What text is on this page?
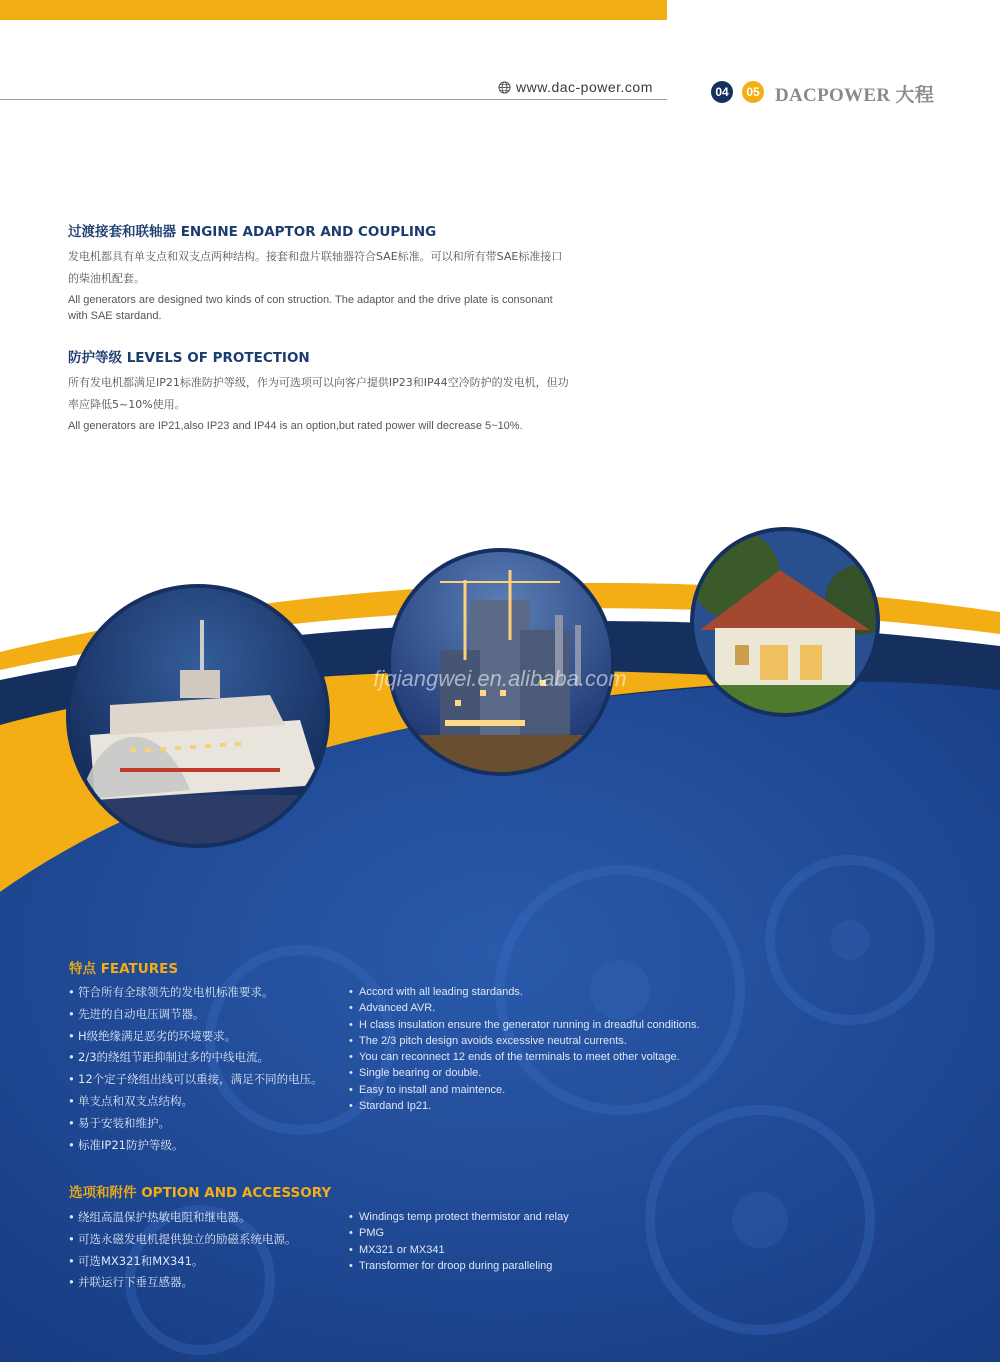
www.dac-power.com	04	05 DACPOWER 大程

过渡接套和联轴器 ENGINE ADAPTOR AND COUPLING

发电机都具有单支点和双支点两种结构。接套和盘片联轴器符合SAE标准。可以和所有带SAE标准接口

的柴油机配套。

All generators are designed two kinds of con struction. The adaptor and the drive plate is consonant

with SAE stardand.

防护等级 LEVELS OF PROTECTION

所有发电机都满足IP21标准防护等级，作为可选项可以向客户提供IP23和IP44空冷防护的发电机，但功

率应降低5~10%使用。

All generators are IP21,also IP23 and IP44 is an option,but rated power will decrease 5~10%.

fjqiangwei.en.alibaba.com

特点 FEATURES

• 符合所有全球领先的发电机标准要求。
• 先进的自动电压调节器。
• H级绝缘满足恶劣的环境要求。
• 2/3的绕组节距抑制过多的中线电流。
• 12个定子绕组出线可以重接，满足不同的电压。
• 单支点和双支点结构。
• 易于安装和维护。
• 标准IP21防护等级。
• Accord with all leading stardands.
• Advanced AVR.
• H class insulation ensure the generator running in dreadful conditions.
• The 2/3 pitch design avoids excessive neutral currents.
• You can reconnect 12 ends of the terminals to meet other voltage.
• Single bearing or double.
• Easy to install and maintence.
• Stardand Ip21.

选项和附件 OPTION AND ACCESSORY

• 绕组高温保护热敏电阻和继电器。
• 可选永磁发电机提供独立的励磁系统电源。
• 可选MX321和MX341。
• 并联运行下垂互感器。
• Windings temp protect thermistor and relay
• PMG
• MX321 or MX341
• Transformer for droop during paralleling
